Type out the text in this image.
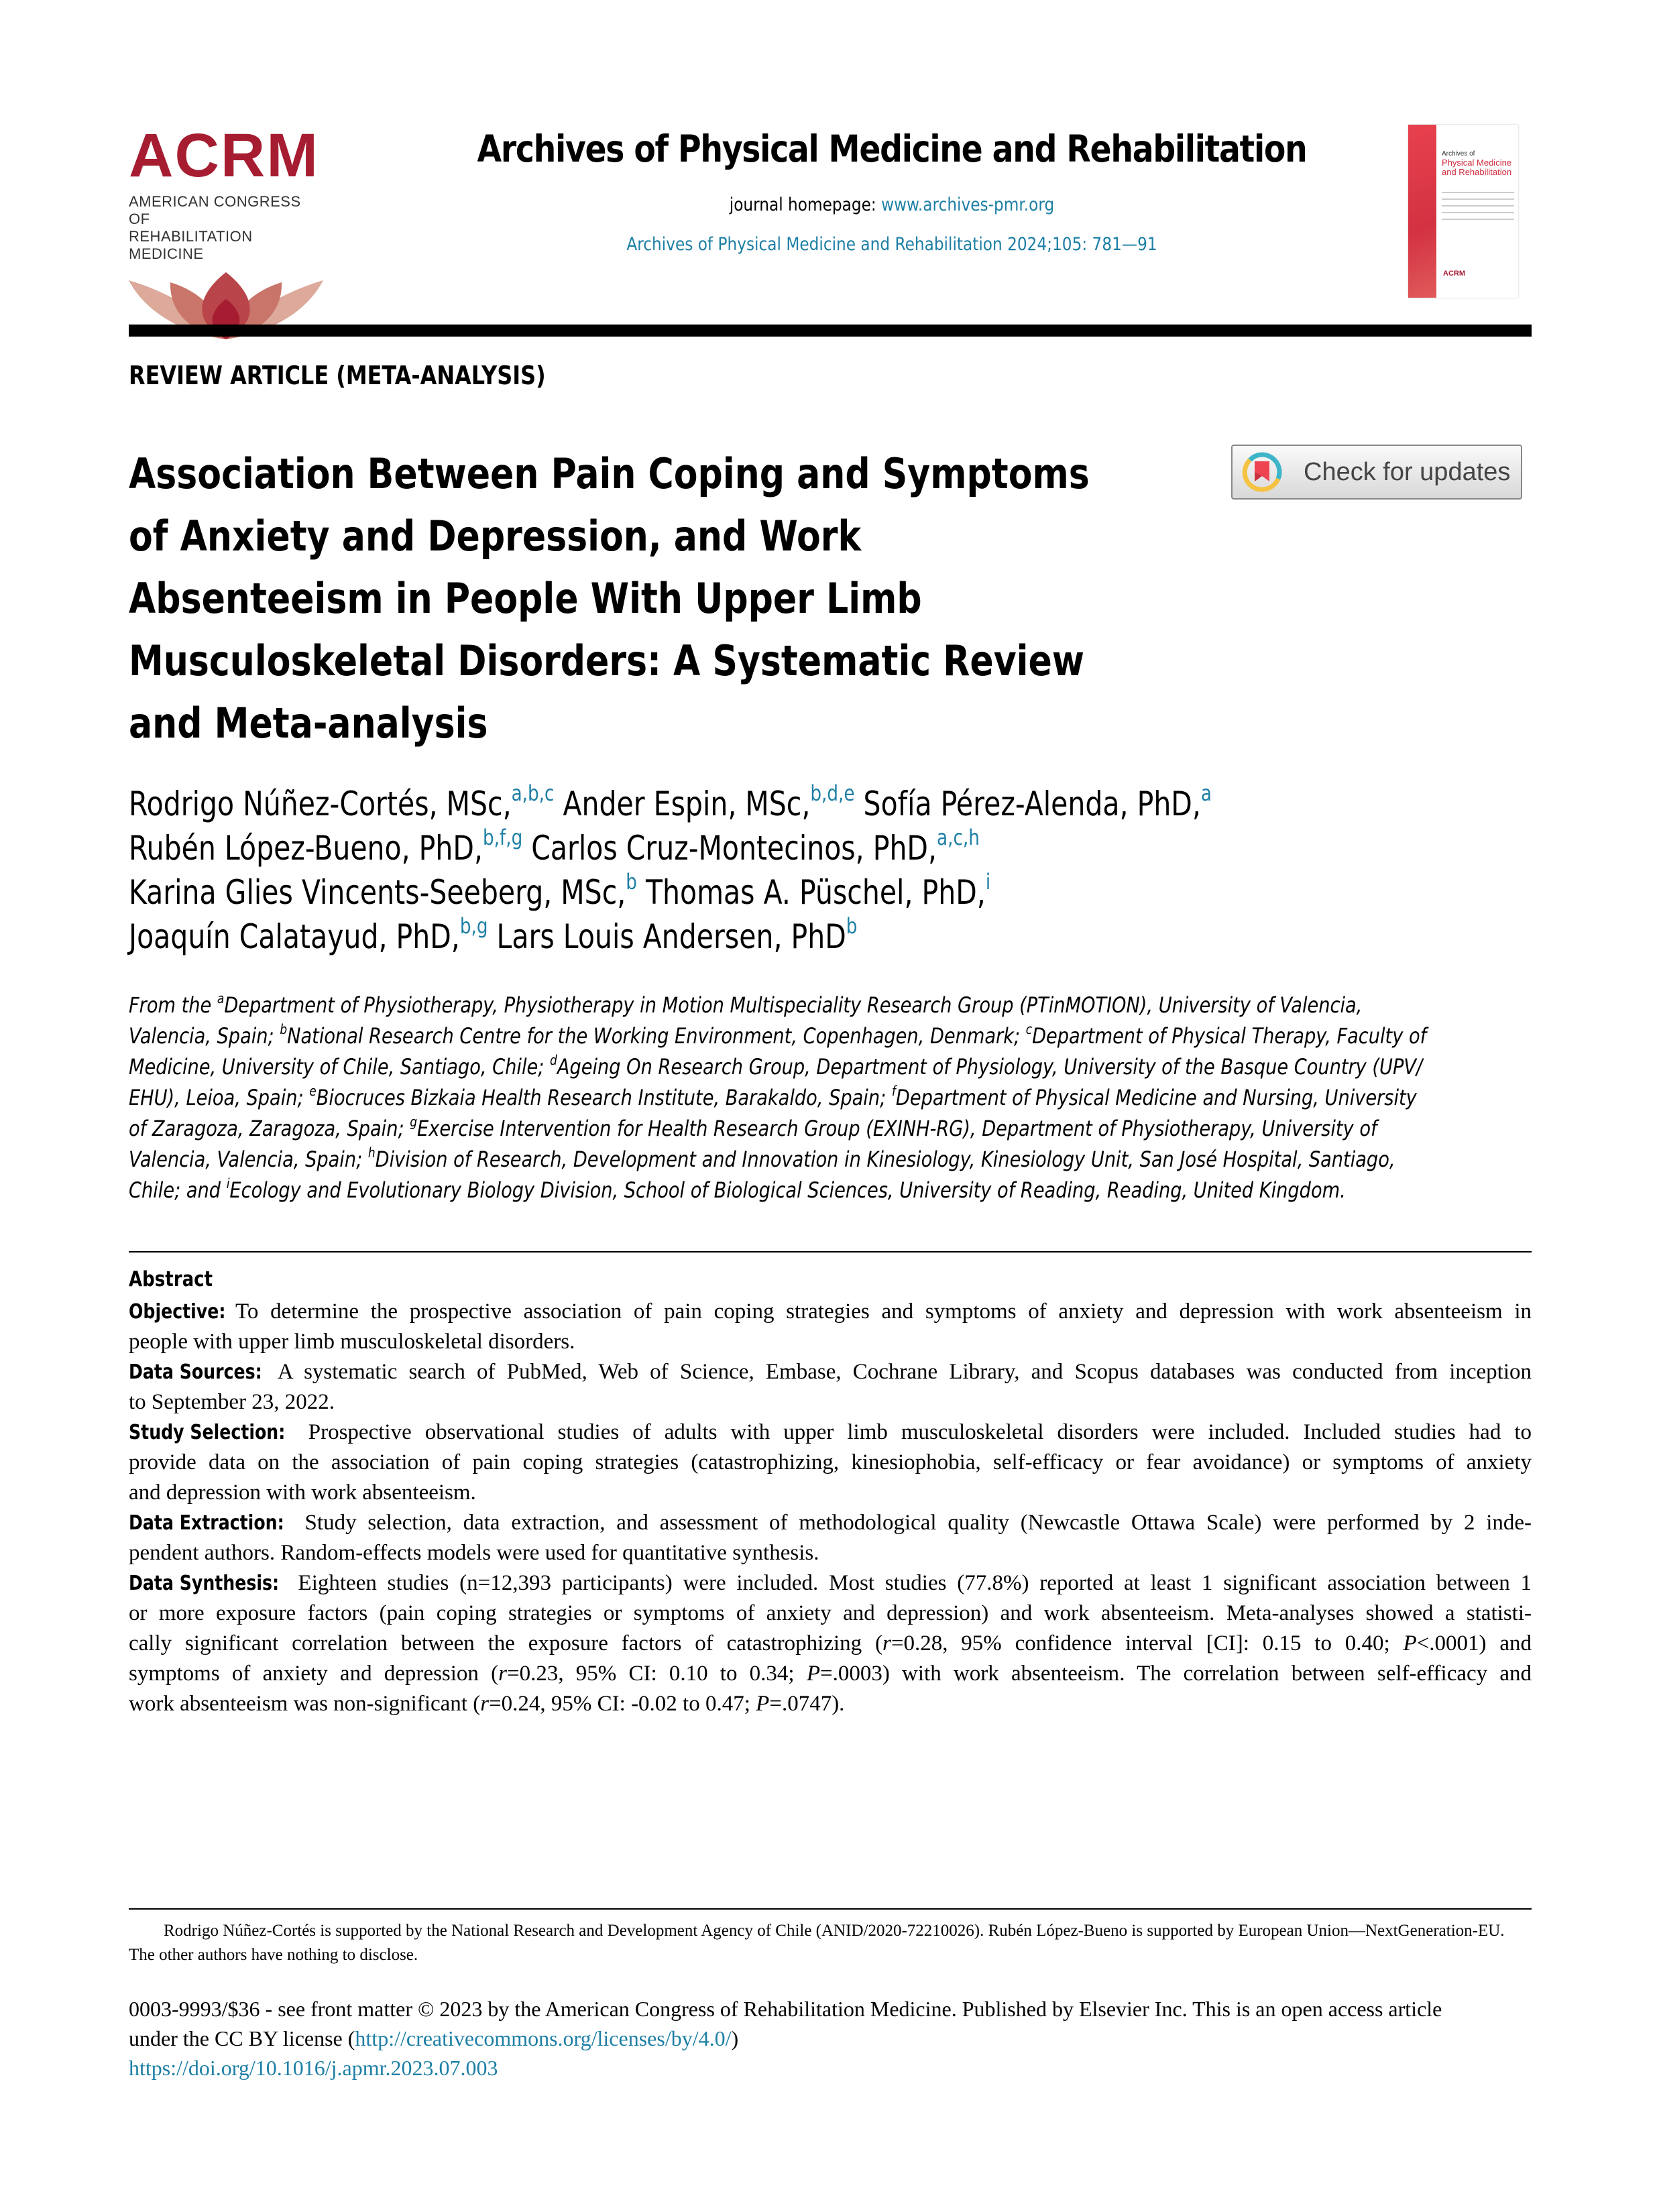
ACRM
AMERICAN CONGRESS OF
REHABILITATION MEDICINE
Archives of Physical Medicine and Rehabilitation
journal homepage: www.archives-pmr.org
Archives of Physical Medicine and Rehabilitation 2024;105: 781—91
Archives of
Physical Medicine
and Rehabilitation
ACRM
REVIEW ARTICLE (META-ANALYSIS)
Association Between Pain Coping and Symptoms
of Anxiety and Depression, and Work
Absenteeism in People With Upper Limb
Musculoskeletal Disorders: A Systematic Review
and Meta-analysis
Check for updates
Rodrigo Núñez-Cortés, MSc,$^{a,b,c}$ Ander Espin, MSc,$^{b,d,e}$ Sofía Pérez-Alenda, PhD,$^a$
Rubén López-Bueno, PhD,$^{b,f,g}$ Carlos Cruz-Montecinos, PhD,$^{a,c,h}$
Karina Glies Vincents-Seeberg, MSc,$^b$ Thomas A. Püschel, PhD,$^i$
Joaquín Calatayud, PhD,$^{b,g}$ Lars Louis Andersen, PhD$^b$
From the $^a$Department of Physiotherapy, Physiotherapy in Motion Multispeciality Research Group (PTinMOTION), University of Valencia,
Valencia, Spain; $^b$National Research Centre for the Working Environment, Copenhagen, Denmark; $^c$Department of Physical Therapy, Faculty of
Medicine, University of Chile, Santiago, Chile; $^d$Ageing On Research Group, Department of Physiology, University of the Basque Country (UPV/
EHU), Leioa, Spain; $^e$Biocruces Bizkaia Health Research Institute, Barakaldo, Spain; $^f$Department of Physical Medicine and Nursing, University
of Zaragoza, Zaragoza, Spain; $^g$Exercise Intervention for Health Research Group (EXINH-RG), Department of Physiotherapy, University of
Valencia, Valencia, Spain; $^h$Division of Research, Development and Innovation in Kinesiology, Kinesiology Unit, San José Hospital, Santiago,
Chile; and $^i$Ecology and Evolutionary Biology Division, School of Biological Sciences, University of Reading, Reading, United Kingdom.
Abstract
Objective: To determine the prospective association of pain coping strategies and symptoms of anxiety and depression with work absenteeism in
people with upper limb musculoskeletal disorders.
Data Sources: A systematic search of PubMed, Web of Science, Embase, Cochrane Library, and Scopus databases was conducted from inception
to September 23, 2022.
Study Selection: Prospective observational studies of adults with upper limb musculoskeletal disorders were included. Included studies had to
provide data on the association of pain coping strategies (catastrophizing, kinesiophobia, self-efficacy or fear avoidance) or symptoms of anxiety
and depression with work absenteeism.
Data Extraction: Study selection, data extraction, and assessment of methodological quality (Newcastle Ottawa Scale) were performed by 2 inde-
pendent authors. Random-effects models were used for quantitative synthesis.
Data Synthesis: Eighteen studies (n=12,393 participants) were included. Most studies (77.8%) reported at least 1 significant association between 1
or more exposure factors (pain coping strategies or symptoms of anxiety and depression) and work absenteeism. Meta-analyses showed a statisti-
cally significant correlation between the exposure factors of catastrophizing (r=0.28, 95% confidence interval [CI]: 0.15 to 0.40; P<.0001) and
symptoms of anxiety and depression (r=0.23, 95% CI: 0.10 to 0.34; P=.0003) with work absenteeism. The correlation between self-efficacy and
work absenteeism was non-significant (r=0.24, 95% CI: -0.02 to 0.47; P=.0747).
Rodrigo Núñez-Cortés is supported by the National Research and Development Agency of Chile (ANID/2020-72210026). Rubén López-Bueno is supported by European Union—NextGeneration-EU.
The other authors have nothing to disclose.
0003-9993/$36 - see front matter © 2023 by the American Congress of Rehabilitation Medicine. Published by Elsevier Inc. This is an open access article
under the CC BY license (http://creativecommons.org/licenses/by/4.0/)
https://doi.org/10.1016/j.apmr.2023.07.003
